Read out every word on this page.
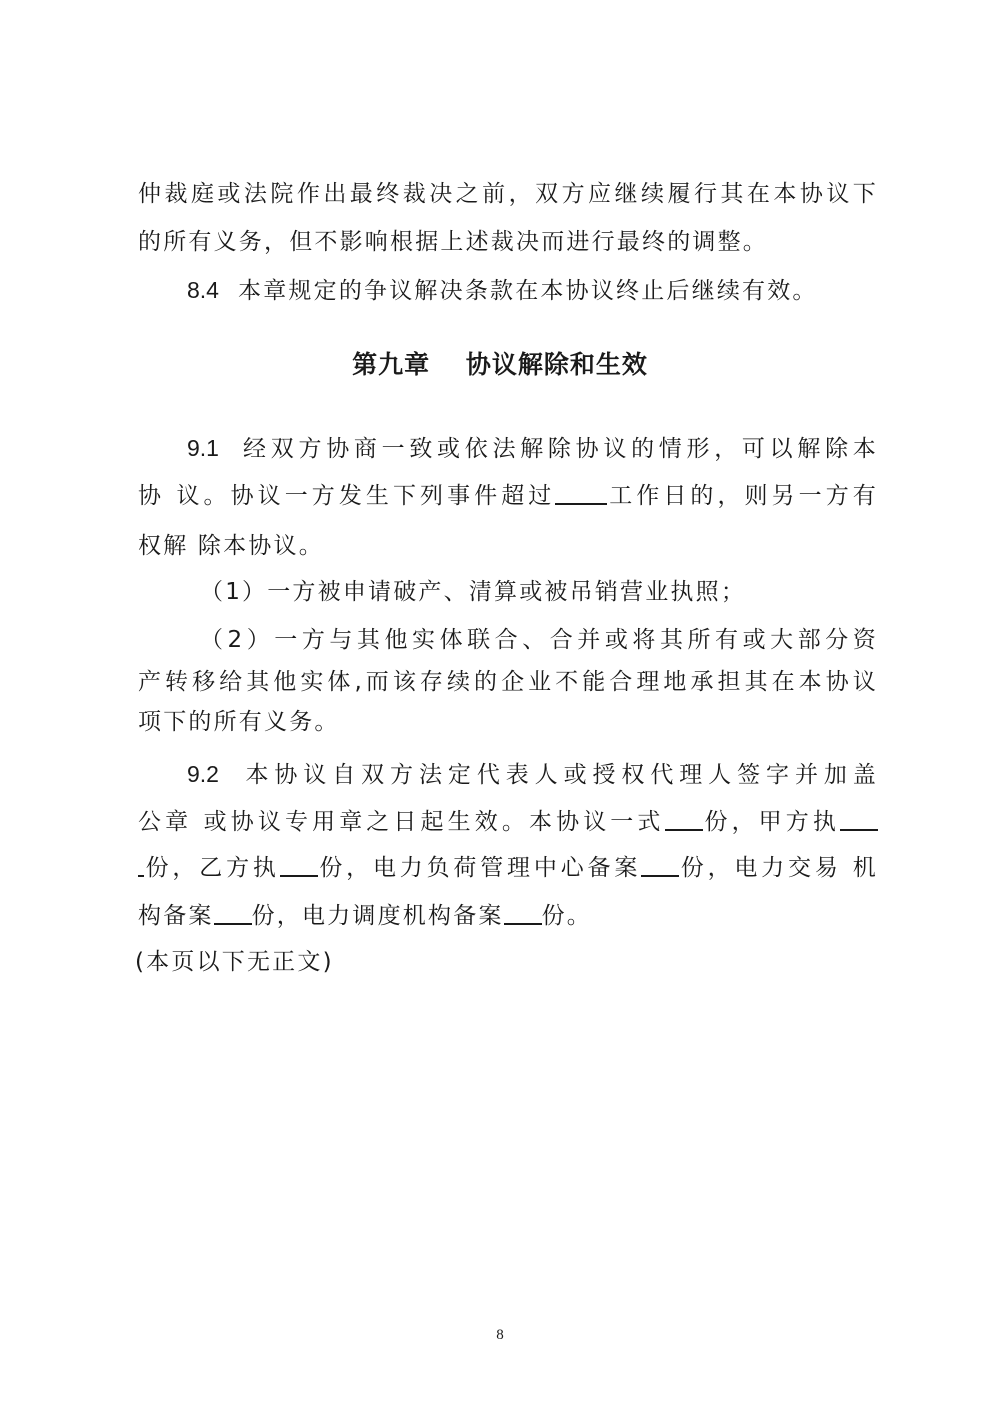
仲裁庭或法院作出最终裁决之前，双方应继续履行其在本协议下
的所有义务，但不影响根据上述裁决而进行最终的调整。
8.4 本章规定的争议解决条款在本协议终止后继续有效。
第九章　 协议解除和生效
9.1 经双方协商一致或依法解除协议的情形，可以解除本
协 议。协议一方发生下列事件超过 工作日的，则另一方有
权解 除本协议。
（1）一方被申请破产、清算或被吊销营业执照；
（2）一方与其他实体联合、合并或将其所有或大部分资
产转移给其他实体,而该存续的企业不能合理地承担其在本协议
项下的所有义务。
9.2 本协议自双方法定代表人或授权代理人签字并加盖
公章 或协议专用章之日起生效。本协议一式 份，甲方执
份，乙方执 份，电力负荷管理中心备案 份，电力交易 机
构备案 份，电力调度机构备案 份。
(本页以下无正文)
8
